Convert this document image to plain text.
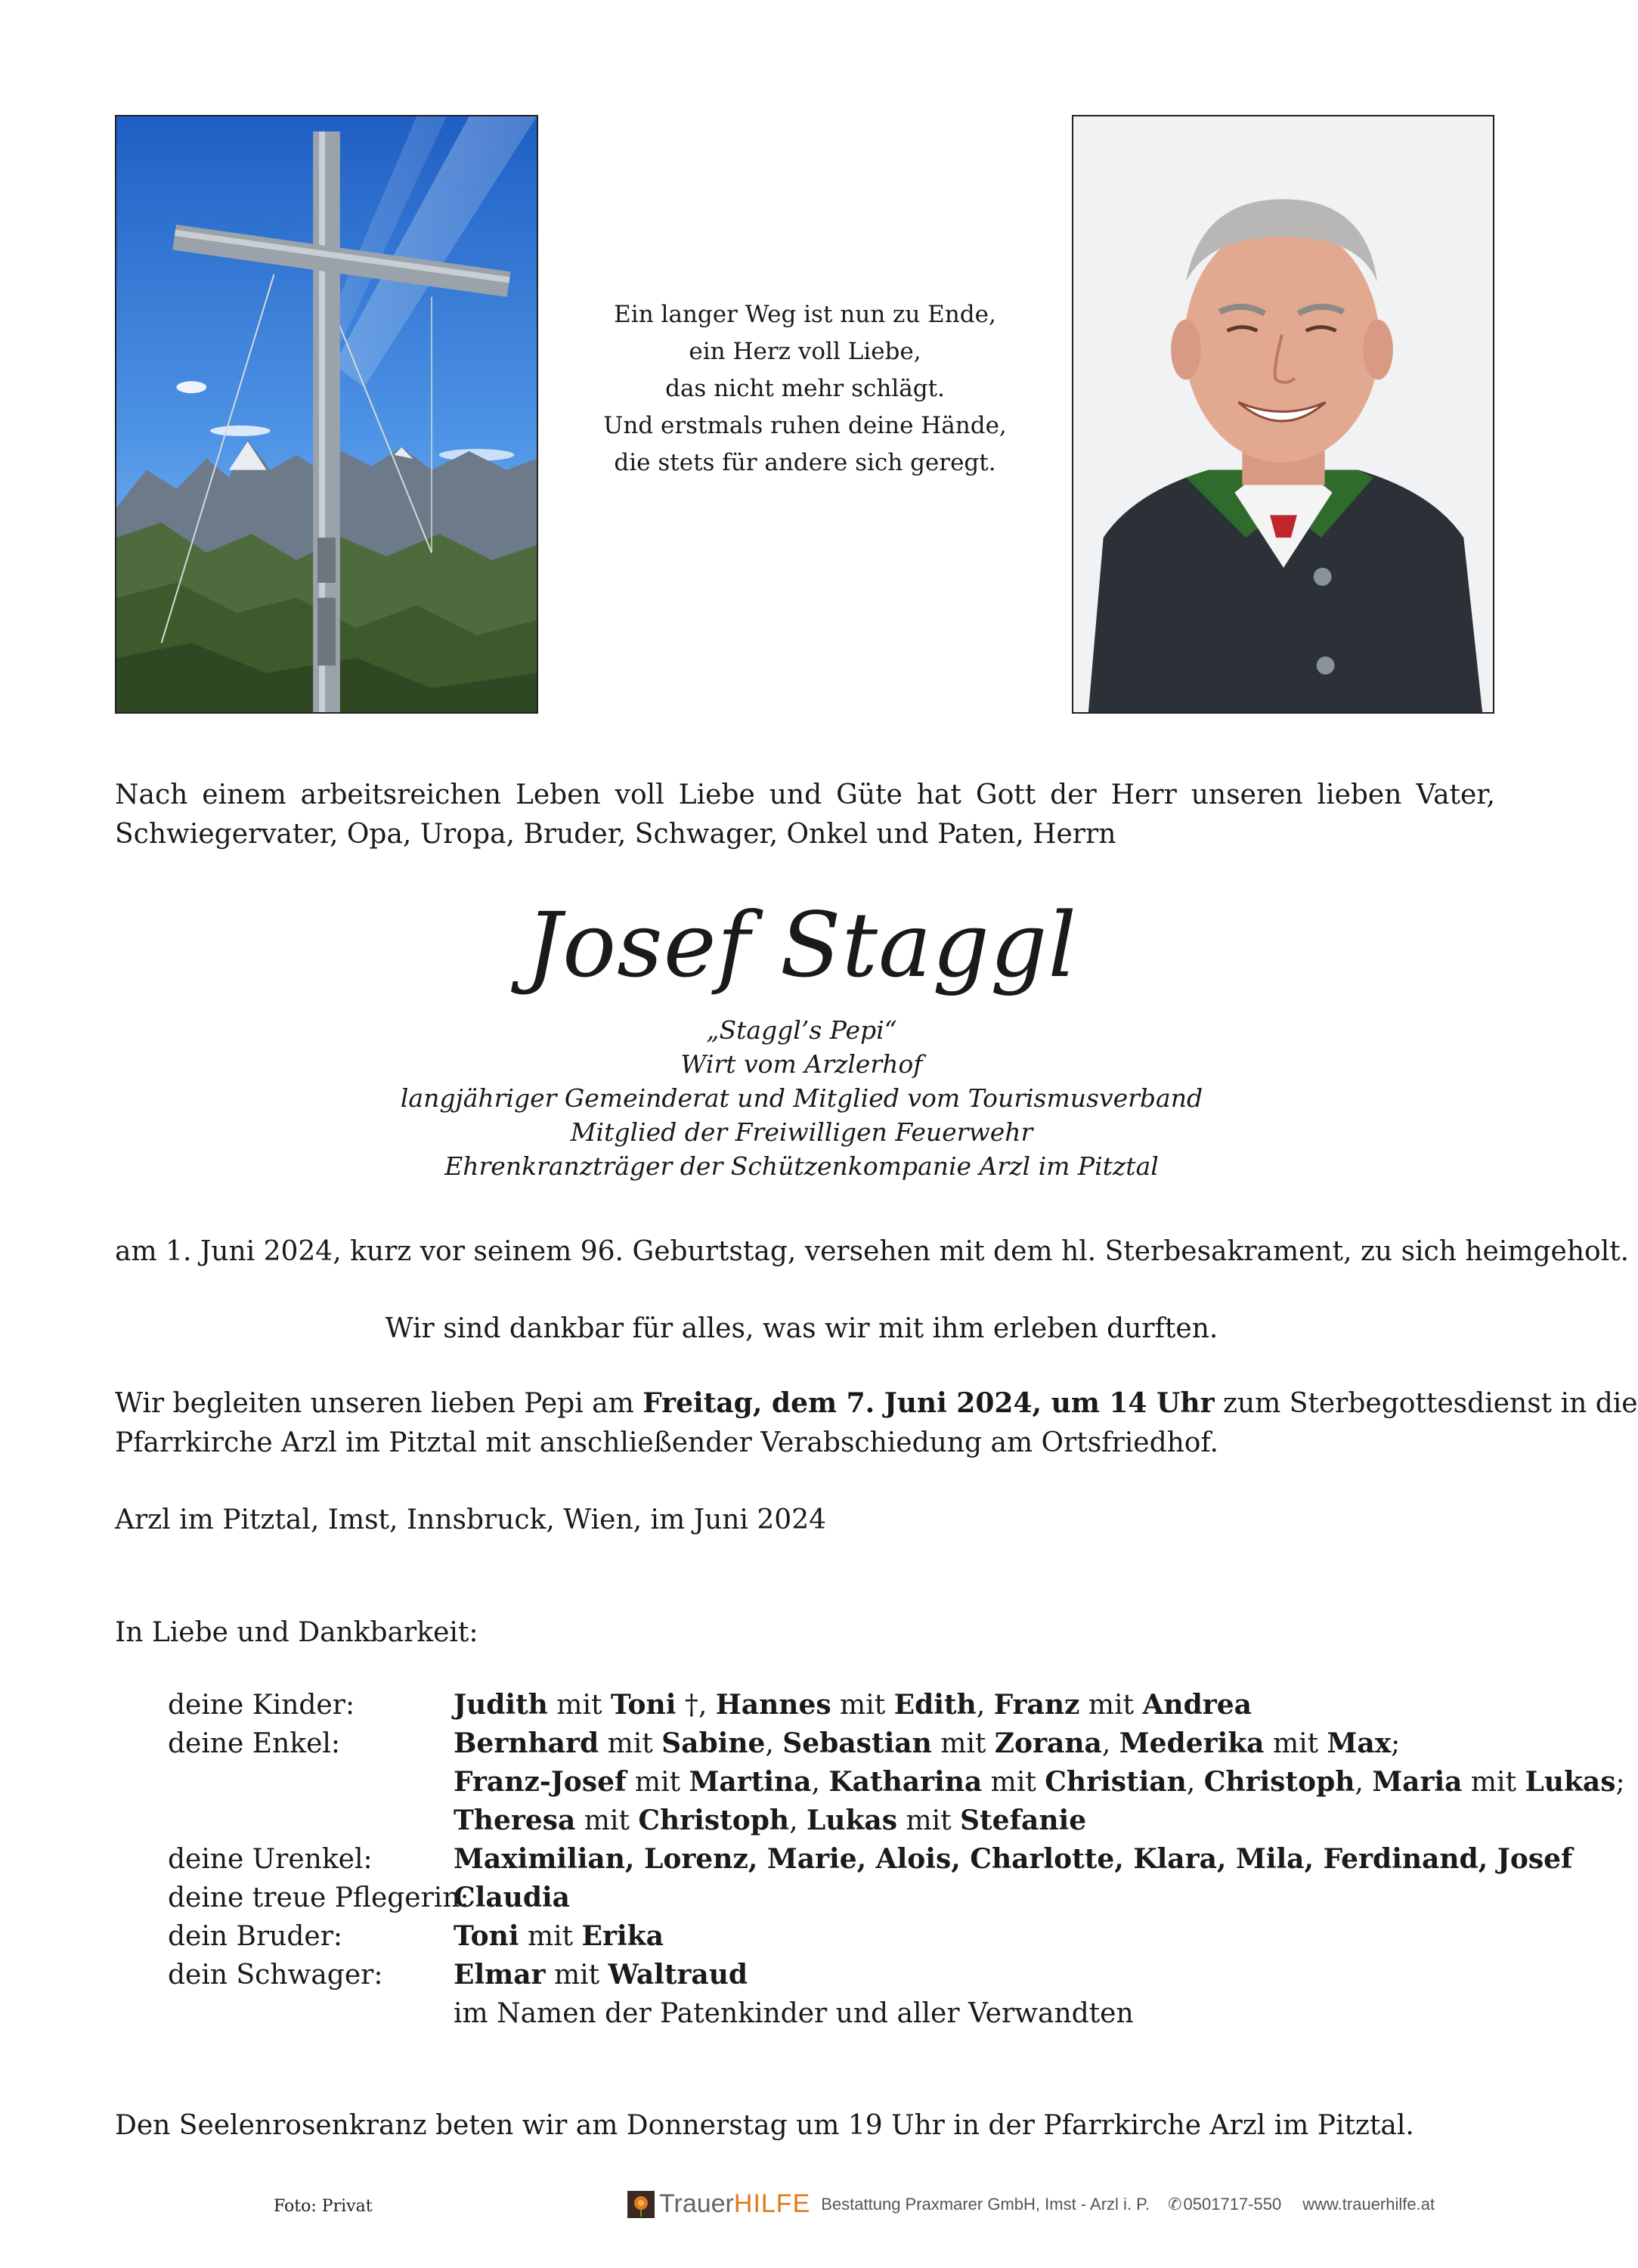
Ein langer Weg ist nun zu Ende,
ein Herz voll Liebe,
das nicht mehr schlägt.
Und erstmals ruhen deine Hände,
die stets für andere sich geregt.
Nach einem arbeitsreichen Leben voll Liebe und Güte hat Gott der Herr unseren lieben Vater,
Schwiegervater, Opa, Uropa, Bruder, Schwager, Onkel und Paten, Herrn
Josef Staggl
„Staggl’s Pepi“
Wirt vom Arzlerhof
langjähriger Gemeinderat und Mitglied vom Tourismusverband
Mitglied der Freiwilligen Feuerwehr
Ehrenkranzträger der Schützenkompanie Arzl im Pitztal
am 1. Juni 2024, kurz vor seinem 96. Geburtstag, versehen mit dem hl. Sterbesakrament, zu sich heimgeholt.
Wir sind dankbar für alles, was wir mit ihm erleben durften.
Wir begleiten unseren lieben Pepi am Freitag, dem 7. Juni 2024, um 14 Uhr zum Sterbegottesdienst in die
Pfarrkirche Arzl im Pitztal mit anschließender Verabschiedung am Ortsfriedhof.
Arzl im Pitztal, Imst, Innsbruck, Wien, im Juni 2024
In Liebe und Dankbarkeit:
deine Kinder:	Judith mit Toni †, Hannes mit Edith, Franz mit Andrea
deine Enkel:	Bernhard mit Sabine, Sebastian mit Zorana, Mederika mit Max;
Franz-Josef mit Martina, Katharina mit Christian, Christoph, Maria mit Lukas;
Theresa mit Christoph, Lukas mit Stefanie
deine Urenkel:	Maximilian, Lorenz, Marie, Alois, Charlotte, Klara, Mila, Ferdinand, Josef
deine treue Pflegerin:
Claudia
dein Bruder:	Toni mit Erika
dein Schwager:	Elmar mit Waltraud
im Namen der Patenkinder und aller Verwandten
Den Seelenrosenkranz beten wir am Donnerstag um 19 Uhr in der Pfarrkirche Arzl im Pitztal.
Foto: Privat	Trauer HILFE Bestattung Praxmarer GmbH, Imst - Arzl i. P. ✆0501717-550 www.trauerhilfe.at
